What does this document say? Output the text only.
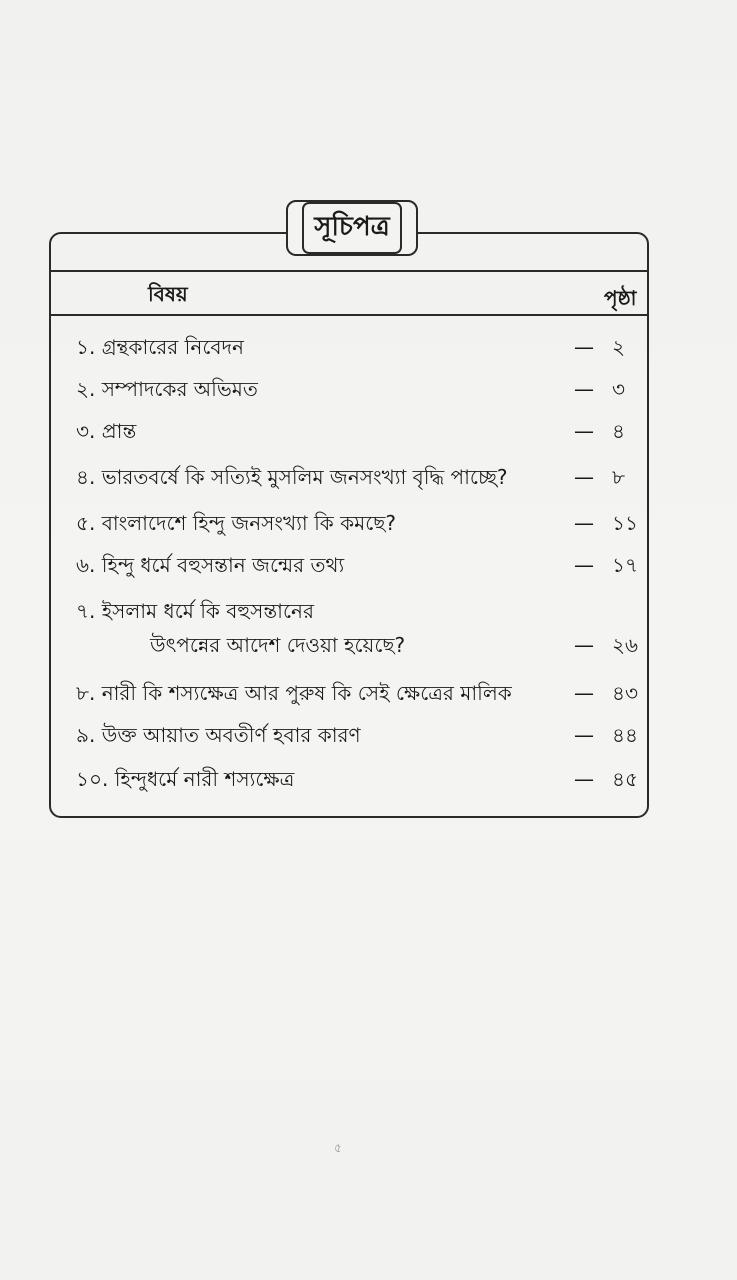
সূচিপত্র
বিষয়	পৃষ্ঠা
১. গ্রন্থকারের নিবেদন	— ২
২. সম্পাদকের অভিমত	— ৩
৩. প্রান্ত	— ৪
৪. ভারতবর্ষে কি সত্যিই মুসলিম জনসংখ্যা বৃদ্ধি পাচ্ছে?	— ৮
৫. বাংলাদেশে হিন্দু জনসংখ্যা কি কমছে?	— ১১
৬. হিন্দু ধর্মে বহুসন্তান জন্মের তথ্য	— ১৭
৭. ইসলাম ধর্মে কি বহুসন্তানের
উৎপন্নের আদেশ দেওয়া হয়েছে?	— ২৬
৮. নারী কি শস্যক্ষেত্র আর পুরুষ কি সেই ক্ষেত্রের মালিক	— ৪৩
৯. উক্ত আয়াত অবতীর্ণ হবার কারণ	— ৪৪
১০. হিন্দুধর্মে নারী শস্যক্ষেত্র	— ৪৫
৫
